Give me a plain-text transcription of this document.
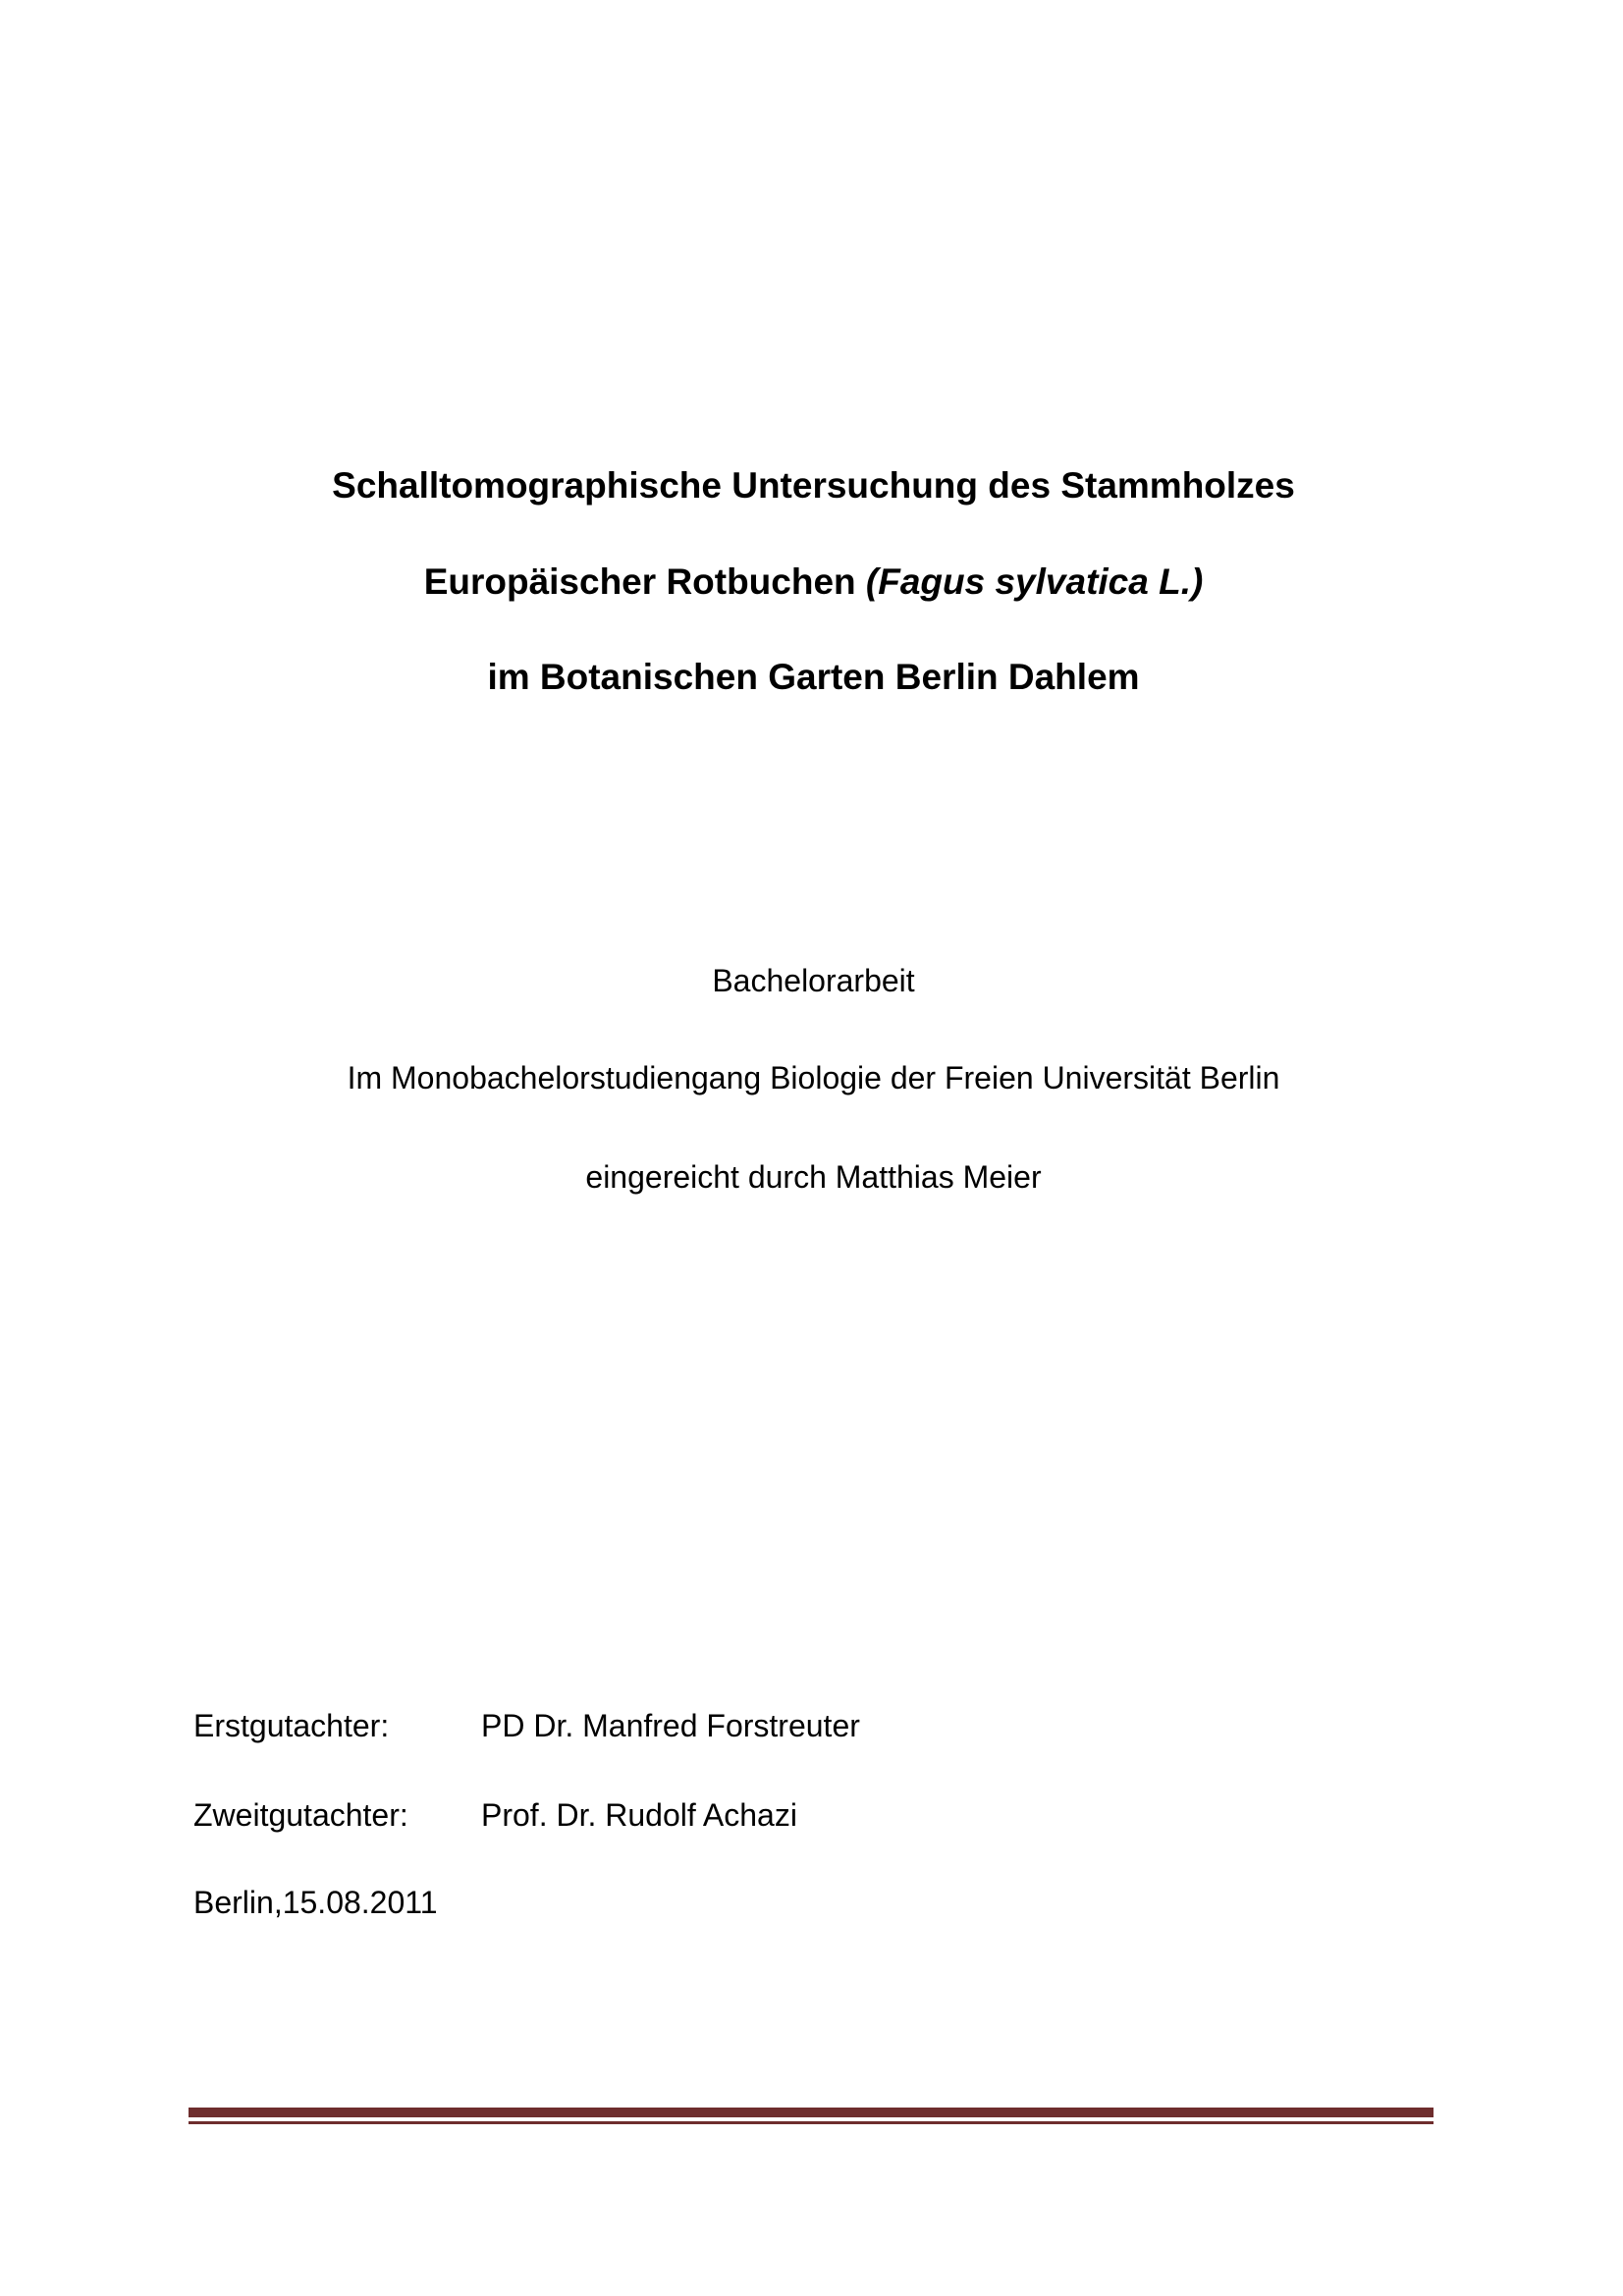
Schalltomographische Untersuchung des Stammholzes
Europäischer Rotbuchen (Fagus sylvatica L.)
im Botanischen Garten Berlin Dahlem
Bachelorarbeit
Im Monobachelorstudiengang Biologie der Freien Universität Berlin
eingereicht durch Matthias Meier
Erstgutachter:	PD Dr. Manfred Forstreuter
Zweitgutachter:	Prof. Dr. Rudolf Achazi
Berlin,15.08.2011
